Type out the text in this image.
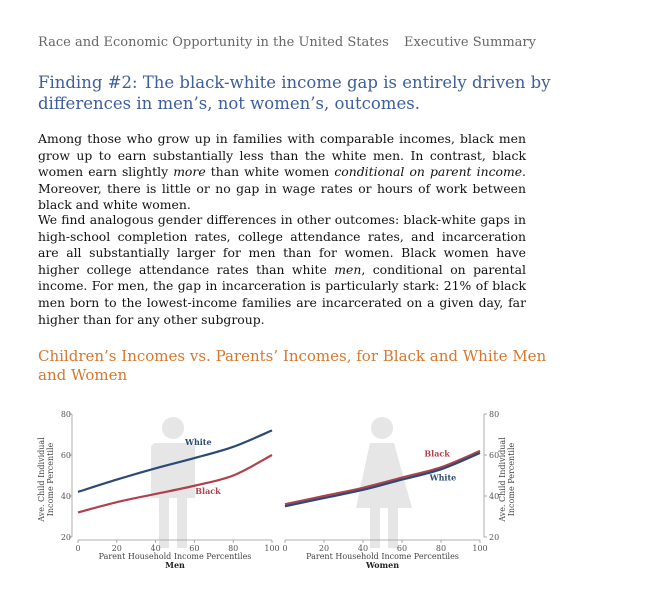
Race and Economic Opportunity in the United States Executive Summary
Finding #2: The black-white income gap is entirely driven by differences in men’s, not women’s, outcomes.

Among those who grow up in families with comparable incomes, black men grow up to earn substantially less than the white men. In contrast, black women earn slightly more than white women conditional on parent income. Moreover, there is little or no gap in wage rates or hours of work between black and white women.

We find analogous gender differences in other outcomes: black-white gaps in high-school completion rates, college attendance rates, and incarceration are all substantially larger for men than for women. Black women have higher college attendance rates than white men, conditional on parental income. For men, the gap in incarceration is particularly stark: 21% of black men born to the lowest-income families are incarcerated on a given day, far higher than for any other subgroup.

Children’s Incomes vs. Parents’ Incomes, for Black and White Men and Women
0	20	40	60	80	100
20
40
60
80
Ave. Child IndividualIncome Percentile
Parent Household Income Percentiles
Men
White
Black
0	20	40	60	80	100
20
40
60
80
Ave. Child IndividualIncome Percentile
Parent Household Income Percentiles
Women
Black
White
